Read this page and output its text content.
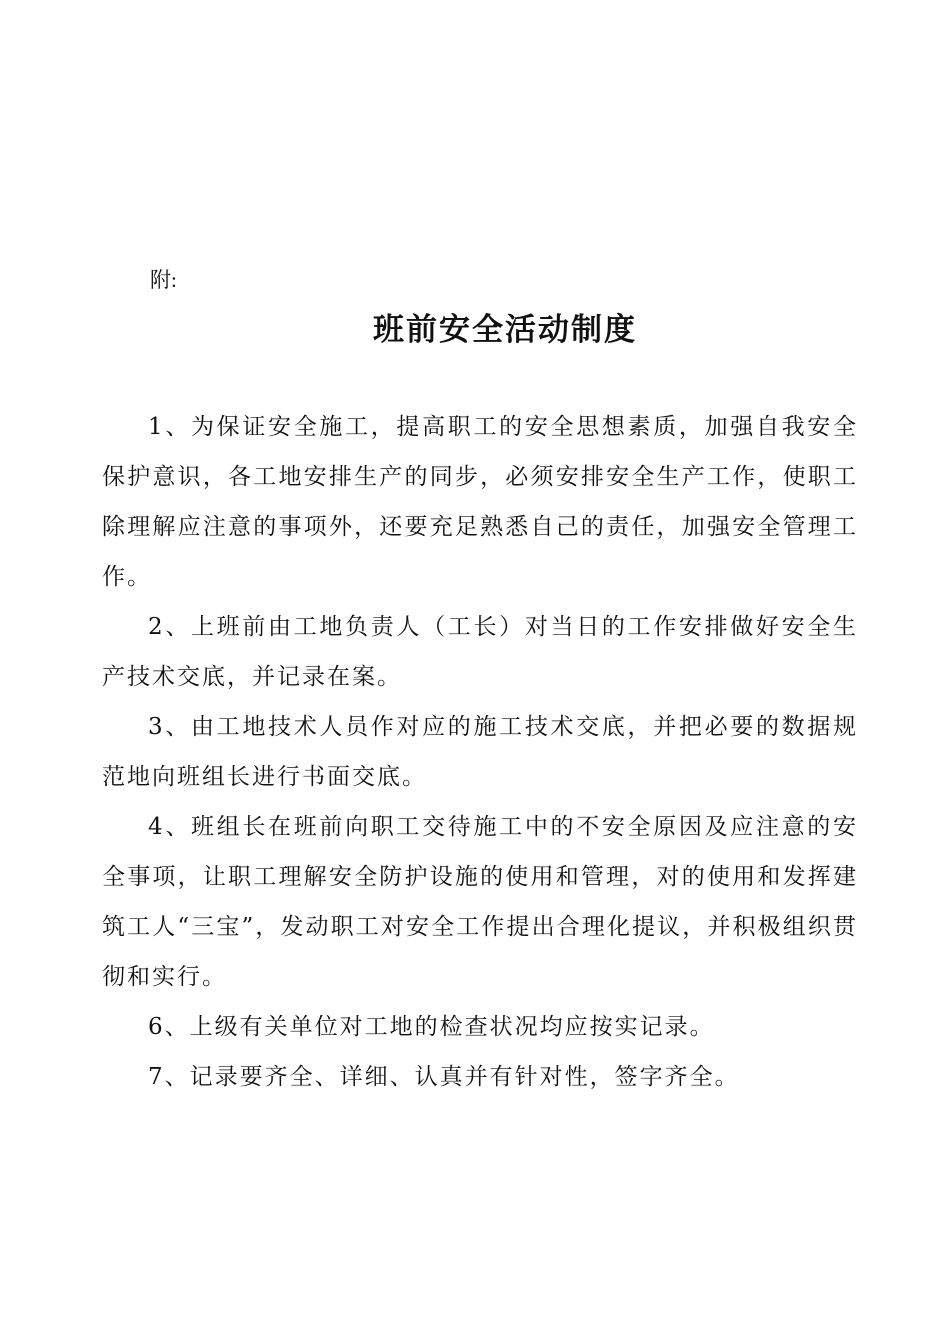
附:
班前安全活动制度

1、为保证安全施工，提高职工的安全思想素质，加强自我安全保护意识，各工地安排生产的同步，必须安排安全生产工作，使职工除理解应注意的事项外，还要充足熟悉自己的责任，加强安全管理工作。

2、上班前由工地负责人（工长）对当日的工作安排做好安全生产技术交底，并记录在案。

3、由工地技术人员作对应的施工技术交底，并把必要的数据规范地向班组长进行书面交底。

4、班组长在班前向职工交待施工中的不安全原因及应注意的安全事项，让职工理解安全防护设施的使用和管理，对的使用和发挥建筑工人“三宝”，发动职工对安全工作提出合理化提议，并积极组织贯彻和实行。

6、上级有关单位对工地的检查状况均应按实记录。

7、记录要齐全、详细、认真并有针对性，签字齐全。
